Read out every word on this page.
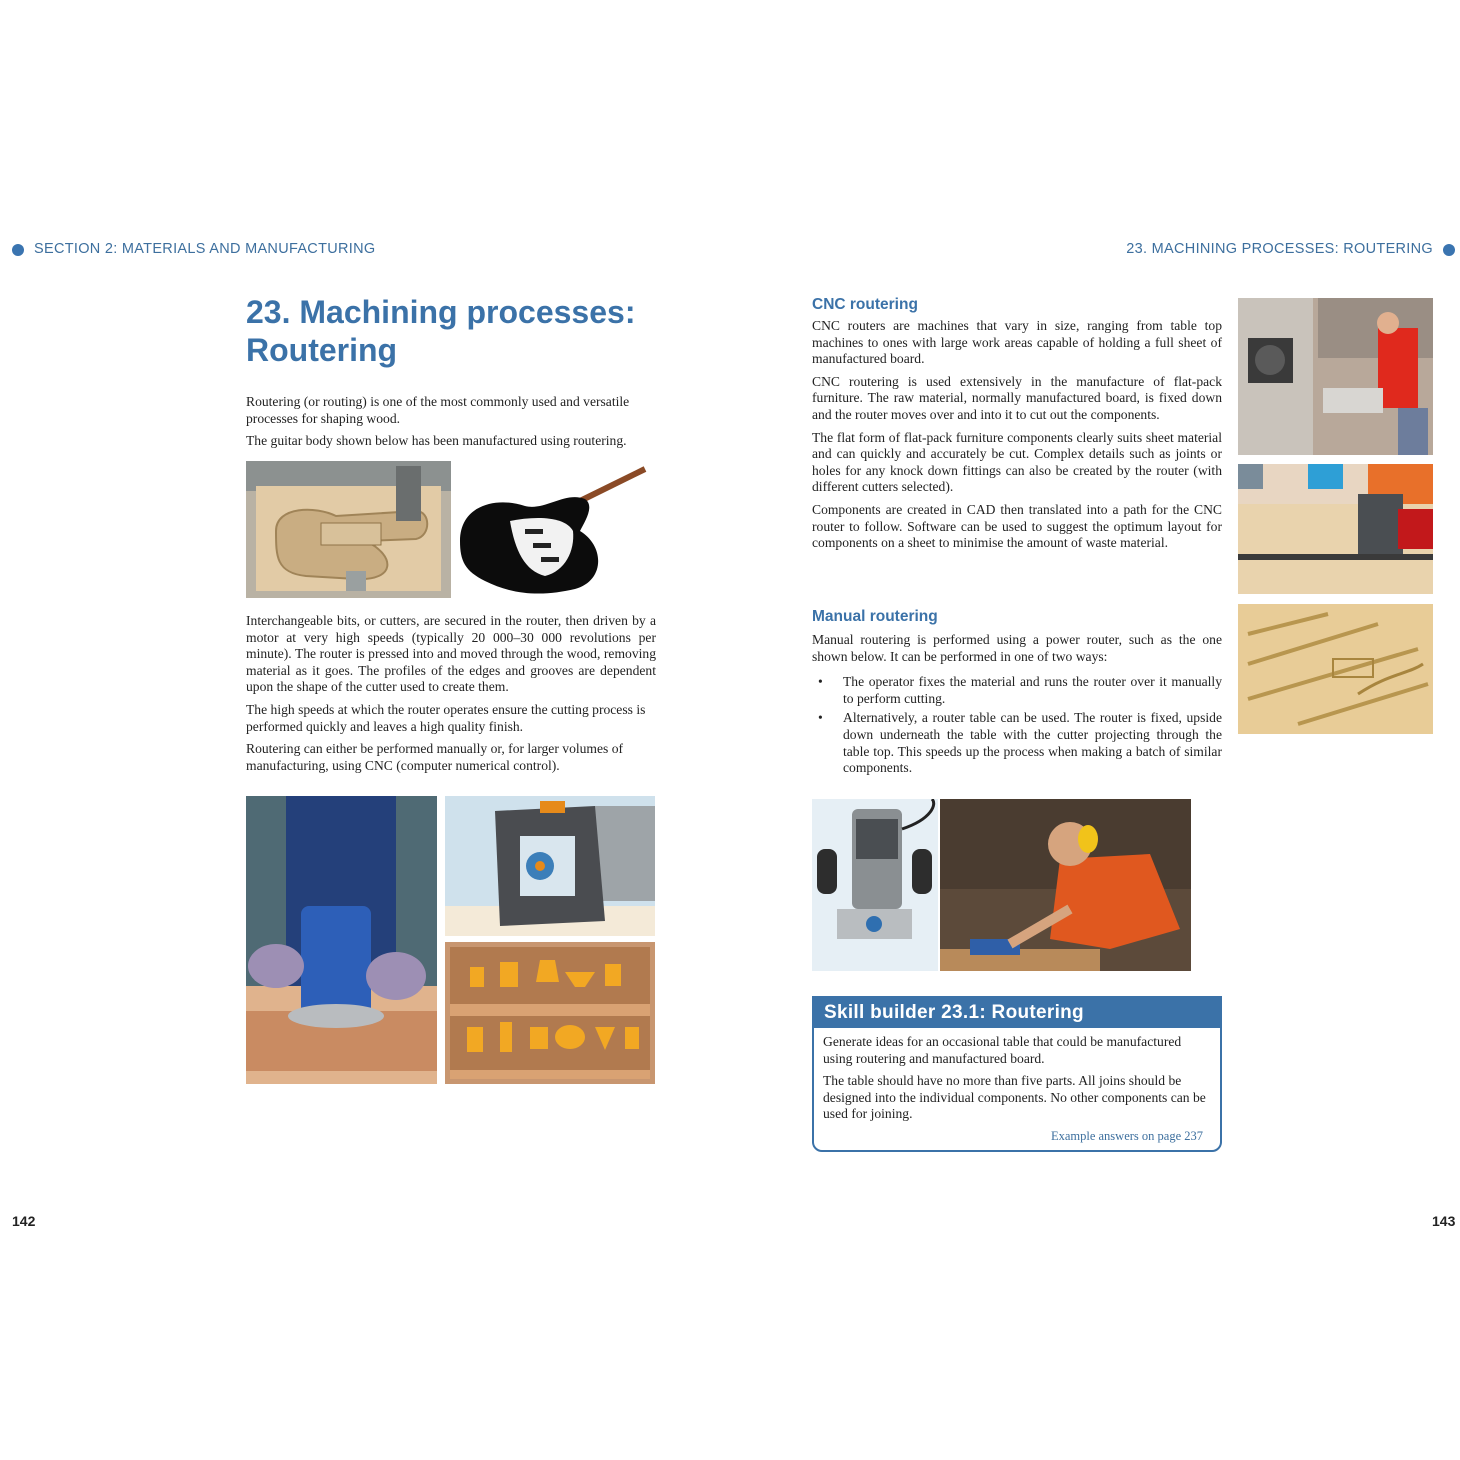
SECTION 2: MATERIALS AND MANUFACTURING	23. MACHINING PROCESSES: ROUTERING
23. Machining processes:
Routering

Routering (or routing) is one of the most commonly used and versatile processes for shaping wood.

The guitar body shown below has been manufactured using routering.

Interchangeable bits, or cutters, are secured in the router, then driven by a motor at very high speeds (typically 20 000–30 000 revolutions per minute). The router is pressed into and moved through the wood, removing material as it goes. The profiles of the edges and grooves are dependent upon the shape of the cutter used to create them.

The high speeds at which the router operates ensure the cutting process is performed quickly and leaves a high quality finish.

Routering can either be performed manually or, for larger volumes of manufacturing, using CNC (computer numerical control).

142
CNC routering

CNC routers are machines that vary in size, ranging from table top machines to ones with large work areas capable of holding a full sheet of manufactured board.

CNC routering is used extensively in the manufacture of flat-pack furniture. The raw material, normally manufactured board, is fixed down and the router moves over and into it to cut out the components.

The flat form of flat-pack furniture components clearly suits sheet material and can quickly and accurately be cut. Complex details such as joints or holes for any knock down fittings can also be created by the router (with different cutters selected).

Components are created in CAD then translated into a path for the CNC router to follow. Software can be used to suggest the optimum layout for components on a sheet to minimise the amount of waste material.

Manual routering

Manual routering is performed using a power router, such as the one shown below. It can be performed in one of two ways:

• The operator fixes the material and runs the router over it manually to perform cutting.
• Alternatively, a router table can be used. The router is fixed, upside down underneath the table with the cutter projecting through the table top. This speeds up the process when making a batch of similar components.
Skill builder 23.1: Routering

Generate ideas for an occasional table that could be manufactured using routering and manufactured board.

The table should have no more than five parts. All joins should be designed into the individual components. No other components can be used for joining.

Example answers on page 237
143
